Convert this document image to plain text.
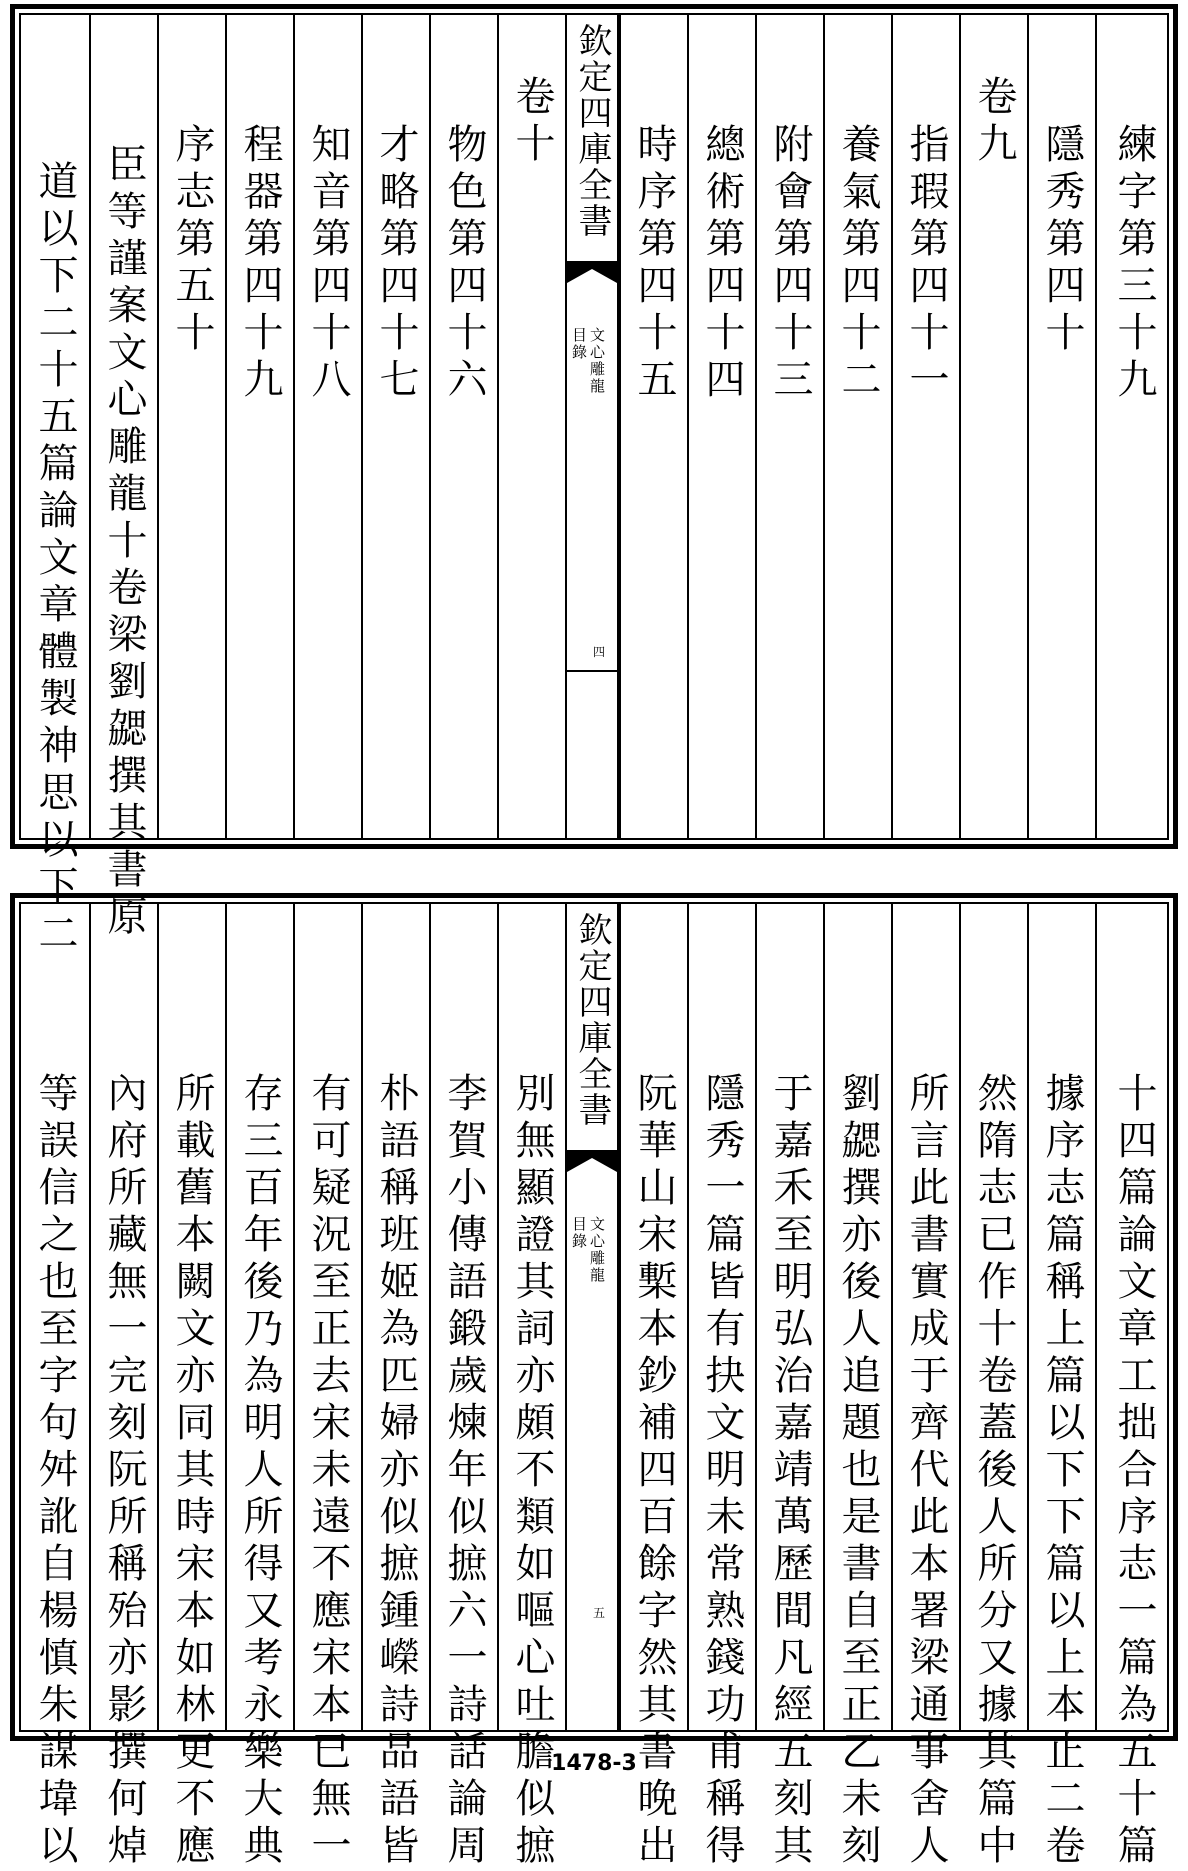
道以下二十五篇論文章體製神思以下二 臣等謹案文心雕龍十卷梁劉勰撰其書原 序志第五十 程器第四十九 知音第四十八 才略第四十七 物色第四十六
卷十 欽定四庫全書
文心雕龍
目錄
四
時序第四十五 總術第四十四 附會第四十三 養氣第四十二 指瑕第四十一
卷九
隱秀第四十 練字第三十九
等誤信之也至字句舛訛自楊慎朱謀㙔以 內府所藏無一完刻阮所稱殆亦影撰何焯 所載舊本闕文亦同其時宋本如林更不應 存三百年後乃為明人所得又考永樂大典 有可疑況至正去宋未遠不應宋本已無一 朴語稱班姬為匹婦亦似摭鍾嶸詩品語皆 李賀小傳語鍛歲煉年似摭六一詩話論周 別無顯證其詞亦頗不類如嘔心吐膽似摭
欽定四庫全書
文心雕龍
目錄
五 阮華山宋槧本鈔補四百餘字然其書晚出 隱秀一篇皆有抉文明未常熟錢功甫稱得 于嘉禾至明弘治嘉靖萬歷間凡經五刻其 劉勰撰亦後人追題也是書自至正乙未刻 所言此書實成于齊代此本署梁通事舍人 然隋志已作十卷蓋後人所分又據其篇中 據序志篇稱上篇以下下篇以上本止二卷 十四篇論文章工拙合序志一篇為五十篇
1478-3
